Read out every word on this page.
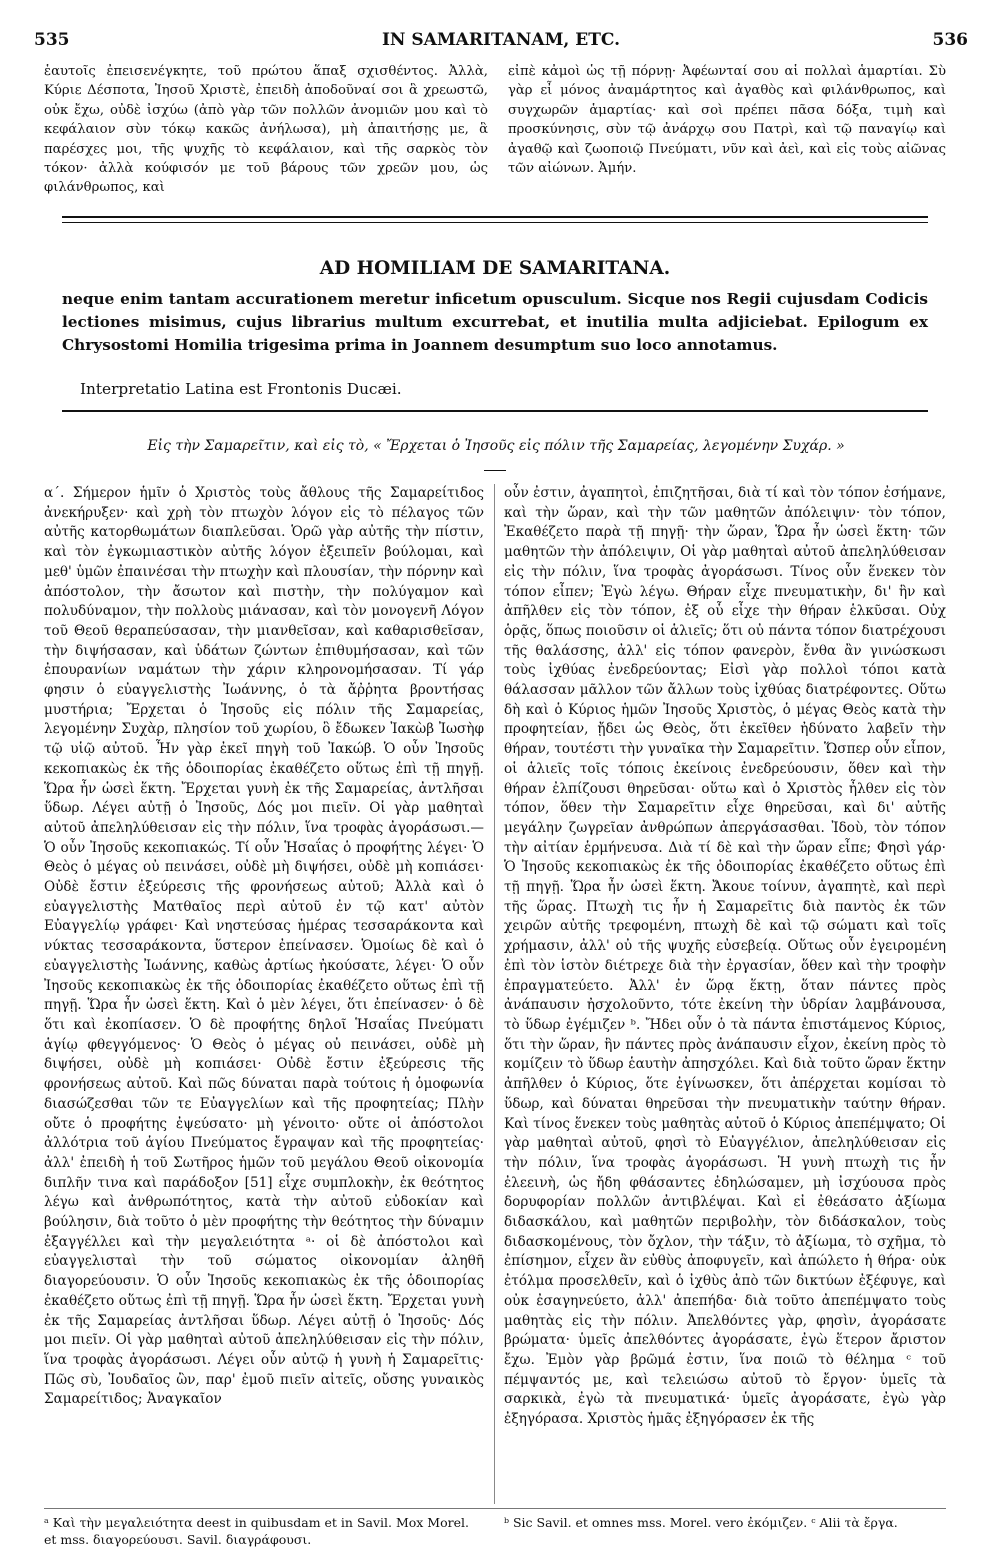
535	IN SAMARITANAM, ETC.	536

ἑαυτοῖς ἐπεισενέγκητε, τοῦ πρώτου ἅπαξ σχισθέντος. Ἀλλὰ, Κύριε Δέσποτα, Ἰησοῦ Χριστὲ, ἐπειδὴ ἀποδοῦναί σοι ἃ χρεωστῶ, οὐκ ἔχω, οὐδὲ ἰσχύω (ἀπὸ γὰρ τῶν πολλῶν ἀνομιῶν μου καὶ τὸ κεφάλαιον σὺν τόκῳ κακῶς ἀνήλωσα), μὴ ἀπαιτήσῃς με, ἃ παρέσχες μοι, τῆς ψυχῆς τὸ κεφάλαιον, καὶ τῆς σαρκὸς τὸν τόκον· ἀλλὰ κούφισόν με τοῦ βάρους τῶν χρεῶν μου, ὡς φιλάνθρωπος, καὶ

εἰπὲ κἀμοὶ ὡς τῇ πόρνῃ· Ἀφέωνταί σου αἱ πολλαὶ ἁμαρτίαι. Σὺ γὰρ εἶ μόνος ἀναμάρτητος καὶ ἀγαθὸς καὶ φιλάνθρωπος, καὶ συγχωρῶν ἁμαρτίας· καὶ σοὶ πρέπει πᾶσα δόξα, τιμὴ καὶ προσκύνησις, σὺν τῷ ἀνάρχῳ σου Πατρὶ, καὶ τῷ παναγίῳ καὶ ἀγαθῷ καὶ ζωοποιῷ Πνεύματι, νῦν καὶ ἀεὶ, καὶ εἰς τοὺς αἰῶνας τῶν αἰώνων. Ἀμήν.

AD HOMILIAM DE SAMARITANA.

neque enim tantam accurationem meretur inficetum opusculum. Sicque nos Regii cujusdam Codicis lectiones misimus, cujus librarius multum excurrebat, et inutilia multa adjiciebat. Epilogum ex Chrysostomi Homilia trigesima prima in Joannem desumptum suo loco annotamus.

Interpretatio Latina est Frontonis Ducæi.
Εἰς τὴν Σαμαρεῖτιν, καὶ εἰς τὸ, « Ἔρχεται ὁ Ἰησοῦς εἰς πόλιν τῆς Σαμαρείας, λεγομένην Συχάρ. »

α΄. Σήμερον ἡμῖν ὁ Χριστὸς τοὺς ἄθλους τῆς Σαμαρείτιδος ἀνεκήρυξεν· καὶ χρὴ τὸν πτωχὸν λόγον εἰς τὸ πέλαγος τῶν αὐτῆς κατορθωμάτων διαπλεῦσαι. Ὁρῶ γὰρ αὐτῆς τὴν πίστιν, καὶ τὸν ἐγκωμιαστικὸν αὐτῆς λόγον ἐξειπεῖν βούλομαι, καὶ μεθ' ὑμῶν ἐπαινέσαι τὴν πτωχὴν καὶ πλουσίαν, τὴν πόρνην καὶ ἀπόστολον, τὴν ἄσωτον καὶ πιστὴν, τὴν πολύγαμον καὶ πολυδύναμον, τὴν πολλοὺς μιάνασαν, καὶ τὸν μονογενῆ Λόγον τοῦ Θεοῦ θεραπεύσασαν, τὴν μιανθεῖσαν, καὶ καθαρισθεῖσαν, τὴν διψήσασαν, καὶ ὑδάτων ζώντων ἐπιθυμήσασαν, καὶ τῶν ἐπουρανίων ναμάτων τὴν χάριν κληρονομήσασαν. Τί γάρ φησιν ὁ εὐαγγελιστὴς Ἰωάννης, ὁ τὰ ἄῤῥητα βροντήσας μυστήρια; Ἔρχεται ὁ Ἰησοῦς εἰς πόλιν τῆς Σαμαρείας, λεγομένην Συχὰρ, πλησίον τοῦ χωρίου, ὃ ἔδωκεν Ἰακὼβ Ἰωσὴφ τῷ υἱῷ αὐτοῦ. Ἦν γὰρ ἐκεῖ πηγὴ τοῦ Ἰακώβ. Ὁ οὖν Ἰησοῦς κεκοπιακὼς ἐκ τῆς ὁδοιπορίας ἐκαθέζετο οὕτως ἐπὶ τῇ πηγῇ. Ὥρα ἦν ὡσεὶ ἕκτη. Ἔρχεται γυνὴ ἐκ τῆς Σαμαρείας, ἀντλῆσαι ὕδωρ. Λέγει αὐτῇ ὁ Ἰησοῦς, Δός μοι πιεῖν. Οἱ γὰρ μαθηταὶ αὐτοῦ ἀπεληλύθεισαν εἰς τὴν πόλιν, ἵνα τροφὰς ἀγοράσωσι.— Ὁ οὖν Ἰησοῦς κεκοπιακώς. Τί οὖν Ἡσαΐας ὁ προφήτης λέγει· Ὁ Θεὸς ὁ μέγας οὐ πεινάσει, οὐδὲ μὴ διψήσει, οὐδὲ μὴ κοπιάσει· Οὐδὲ ἔστιν ἐξεύρεσις τῆς φρονήσεως αὐτοῦ; Ἀλλὰ καὶ ὁ εὐαγγελιστὴς Ματθαῖος περὶ αὐτοῦ ἐν τῷ κατ' αὐτὸν Εὐαγγελίῳ γράφει· Καὶ νηστεύσας ἡμέρας τεσσαράκοντα καὶ νύκτας τεσσαράκοντα, ὕστερον ἐπείνασεν. Ὁμοίως δὲ καὶ ὁ εὐαγγελιστὴς Ἰωάννης, καθὼς ἀρτίως ἠκούσατε, λέγει· Ὁ οὖν Ἰησοῦς κεκοπιακὼς ἐκ τῆς ὁδοιπορίας ἐκαθέζετο οὕτως ἐπὶ τῇ πηγῇ. Ὥρα ἦν ὡσεὶ ἕκτη. Καὶ ὁ μὲν λέγει, ὅτι ἐπείνασεν· ὁ δὲ ὅτι καὶ ἐκοπίασεν. Ὁ δὲ προφήτης δηλοῖ Ἡσαΐας Πνεύματι ἁγίῳ φθεγγόμενος· Ὁ Θεὸς ὁ μέγας οὐ πεινάσει, οὐδὲ μὴ διψήσει, οὐδὲ μὴ κοπιάσει· Οὐδὲ ἔστιν ἐξεύρεσις τῆς φρονήσεως αὐτοῦ. Καὶ πῶς δύναται παρὰ τούτοις ἡ ὁμοφωνία διασώζεσθαι τῶν τε Εὐαγγελίων καὶ τῆς προφητείας; Πλὴν οὔτε ὁ προφήτης ἐψεύσατο· μὴ γένοιτο· οὔτε οἱ ἀπόστολοι ἀλλότρια τοῦ ἁγίου Πνεύματος ἔγραψαν καὶ τῆς προφητείας· ἀλλ' ἐπειδὴ ἡ τοῦ Σωτῆρος ἡμῶν τοῦ μεγάλου Θεοῦ οἰκονομία διπλῆν τινα καὶ παράδοξον [51] εἶχε συμπλοκὴν, ἐκ θεότητος λέγω καὶ ἀνθρωπότητος, κατὰ τὴν αὐτοῦ εὐδοκίαν καὶ βούλησιν, διὰ τοῦτο ὁ μὲν προφήτης τὴν θεότητος τὴν δύναμιν ἐξαγγέλλει καὶ τὴν μεγαλειότητα ᵃ· οἱ δὲ ἀπόστολοι καὶ εὐαγγελισταὶ τὴν τοῦ σώματος οἰκονομίαν ἀληθῆ διαγορεύουσιν. Ὁ οὖν Ἰησοῦς κεκοπιακὼς ἐκ τῆς ὁδοιπορίας ἐκαθέζετο οὕτως ἐπὶ τῇ πηγῇ. Ὥρα ἦν ὡσεὶ ἕκτη. Ἔρχεται γυνὴ ἐκ τῆς Σαμαρείας ἀντλῆσαι ὕδωρ. Λέγει αὐτῇ ὁ Ἰησοῦς· Δός μοι πιεῖν. Οἱ γὰρ μαθηταὶ αὐτοῦ ἀπεληλύθεισαν εἰς τὴν πόλιν, ἵνα τροφὰς ἀγοράσωσι. Λέγει οὖν αὐτῷ ἡ γυνὴ ἡ Σαμαρεῖτις· Πῶς σὺ, Ἰουδαῖος ὢν, παρ' ἐμοῦ πιεῖν αἰτεῖς, οὔσης γυναικὸς Σαμαρείτιδος; Ἀναγκαῖον

οὖν ἐστιν, ἀγαπητοὶ, ἐπιζητῆσαι, διὰ τί καὶ τὸν τόπον ἐσήμανε, καὶ τὴν ὥραν, καὶ τὴν τῶν μαθητῶν ἀπόλειψιν· τὸν τόπον, Ἐκαθέζετο παρὰ τῇ πηγῇ· τὴν ὥραν, Ὥρα ἦν ὡσεὶ ἕκτη· τῶν μαθητῶν τὴν ἀπόλειψιν, Οἱ γὰρ μαθηταὶ αὐτοῦ ἀπεληλύθεισαν εἰς τὴν πόλιν, ἵνα τροφὰς ἀγοράσωσι. Τίνος οὖν ἕνεκεν τὸν τόπον εἶπεν; Ἐγὼ λέγω. Θήραν εἶχε πνευματικὴν, δι' ἣν καὶ ἀπῆλθεν εἰς τὸν τόπον, ἐξ οὗ εἶχε τὴν θήραν ἑλκῦσαι. Οὐχ ὁρᾷς, ὅπως ποιοῦσιν οἱ ἁλιεῖς; ὅτι οὐ πάντα τόπον διατρέχουσι τῆς θαλάσσης, ἀλλ' εἰς τόπον φανερὸν, ἔνθα ἂν γινώσκωσι τοὺς ἰχθύας ἐνεδρεύοντας; Εἰσὶ γὰρ πολλοὶ τόποι κατὰ θάλασσαν μᾶλλον τῶν ἄλλων τοὺς ἰχθύας διατρέφοντες. Οὕτω δὴ καὶ ὁ Κύριος ἡμῶν Ἰησοῦς Χριστὸς, ὁ μέγας Θεὸς κατὰ τὴν προφητείαν, ᾔδει ὡς Θεὸς, ὅτι ἐκεῖθεν ἠδύνατο λαβεῖν τὴν θήραν, τουτέστι τὴν γυναῖκα τὴν Σαμαρεῖτιν. Ὥσπερ οὖν εἶπον, οἱ ἁλιεῖς τοῖς τόποις ἐκείνοις ἐνεδρεύουσιν, ὅθεν καὶ τὴν θήραν ἐλπίζουσι θηρεῦσαι· οὕτω καὶ ὁ Χριστὸς ἦλθεν εἰς τὸν τόπον, ὅθεν τὴν Σαμαρεῖτιν εἶχε θηρεῦσαι, καὶ δι' αὐτῆς μεγάλην ζωγρεῖαν ἀνθρώπων ἀπεργάσασθαι. Ἰδοὺ, τὸν τόπον τὴν αἰτίαν ἑρμήνευσα. Διὰ τί δὲ καὶ τὴν ὥραν εἶπε; Φησὶ γάρ· Ὁ Ἰησοῦς κεκοπιακὼς ἐκ τῆς ὁδοιπορίας ἐκαθέζετο οὕτως ἐπὶ τῇ πηγῇ. Ὥρα ἦν ὡσεὶ ἕκτη. Ἄκουε τοίνυν, ἀγαπητὲ, καὶ περὶ τῆς ὥρας. Πτωχὴ τις ἦν ἡ Σαμαρεῖτις διὰ παντὸς ἐκ τῶν χειρῶν αὐτῆς τρεφομένη, πτωχὴ δὲ καὶ τῷ σώματι καὶ τοῖς χρήμασιν, ἀλλ' οὐ τῆς ψυχῆς εὐσεβείᾳ. Οὕτως οὖν ἐγειρομένη ἐπὶ τὸν ἱστὸν διέτρεχε διὰ τὴν ἐργασίαν, ὅθεν καὶ τὴν τροφὴν ἐπραγματεύετο. Ἀλλ' ἐν ὥρᾳ ἕκτῃ, ὅταν πάντες πρὸς ἀνάπαυσιν ἠσχολοῦντο, τότε ἐκείνη τὴν ὑδρίαν λαμβάνουσα, τὸ ὕδωρ ἐγέμιζεν ᵇ. Ἤδει οὖν ὁ τὰ πάντα ἐπιστάμενος Κύριος, ὅτι τὴν ὥραν, ἣν πάντες πρὸς ἀνάπαυσιν εἶχον, ἐκείνη πρὸς τὸ κομίζειν τὸ ὕδωρ ἑαυτὴν ἀπησχόλει. Καὶ διὰ τοῦτο ὥραν ἕκτην ἀπῆλθεν ὁ Κύριος, ὅτε ἐγίνωσκεν, ὅτι ἀπέρχεται κομίσαι τὸ ὕδωρ, καὶ δύναται θηρεῦσαι τὴν πνευματικὴν ταύτην θήραν. Καὶ τίνος ἕνεκεν τοὺς μαθητὰς αὐτοῦ ὁ Κύριος ἀπεπέμψατο; Οἱ γὰρ μαθηταὶ αὐτοῦ, φησὶ τὸ Εὐαγγέλιον, ἀπεληλύθεισαν εἰς τὴν πόλιν, ἵνα τροφὰς ἀγοράσωσι. Ἡ γυνὴ πτωχὴ τις ἦν ἐλεεινὴ, ὡς ἤδη φθάσαντες ἐδηλώσαμεν, μὴ ἰσχύουσα πρὸς δορυφορίαν πολλῶν ἀντιβλέψαι. Καὶ εἰ ἐθεάσατο ἀξίωμα διδασκάλου, καὶ μαθητῶν περιβολὴν, τὸν διδάσκαλον, τοὺς διδασκομένους, τὸν ὄχλον, τὴν τάξιν, τὸ ἀξίωμα, τὸ σχῆμα, τὸ ἐπίσημον, εἶχεν ἂν εὐθὺς ἀποφυγεῖν, καὶ ἀπώλετο ἡ θήρα· οὐκ ἐτόλμα προσελθεῖν, καὶ ὁ ἰχθὺς ἀπὸ τῶν δικτύων ἐξέφυγε, καὶ οὐκ ἐσαγηνεύετο, ἀλλ' ἀπεπήδα· διὰ τοῦτο ἀπεπέμψατο τοὺς μαθητὰς εἰς τὴν πόλιν. Ἀπελθόντες γὰρ, φησὶν, ἀγοράσατε βρώματα· ὑμεῖς ἀπελθόντες ἀγοράσατε, ἐγὼ ἕτερον ἄριστον ἔχω. Ἐμὸν γὰρ βρῶμά ἐστιν, ἵνα ποιῶ τὸ θέλημα ᶜ τοῦ πέμψαντός με, καὶ τελειώσω αὐτοῦ τὸ ἔργον· ὑμεῖς τὰ σαρκικὰ, ἐγὼ τὰ πνευματικά· ὑμεῖς ἀγοράσατε, ἐγὼ γὰρ ἐξηγόρασα. Χριστὸς ἡμᾶς ἐξηγόρασεν ἐκ τῆς

ᵃ Καὶ τὴν μεγαλειότητα deest in quibusdam et in Savil. Mox Morel. et mss. διαγορεύουσι. Savil. διαγράφουσι.
ᵇ Sic Savil. et omnes mss. Morel. vero ἐκόμιζεν. ᶜ Alii τὰ ἔργα.
